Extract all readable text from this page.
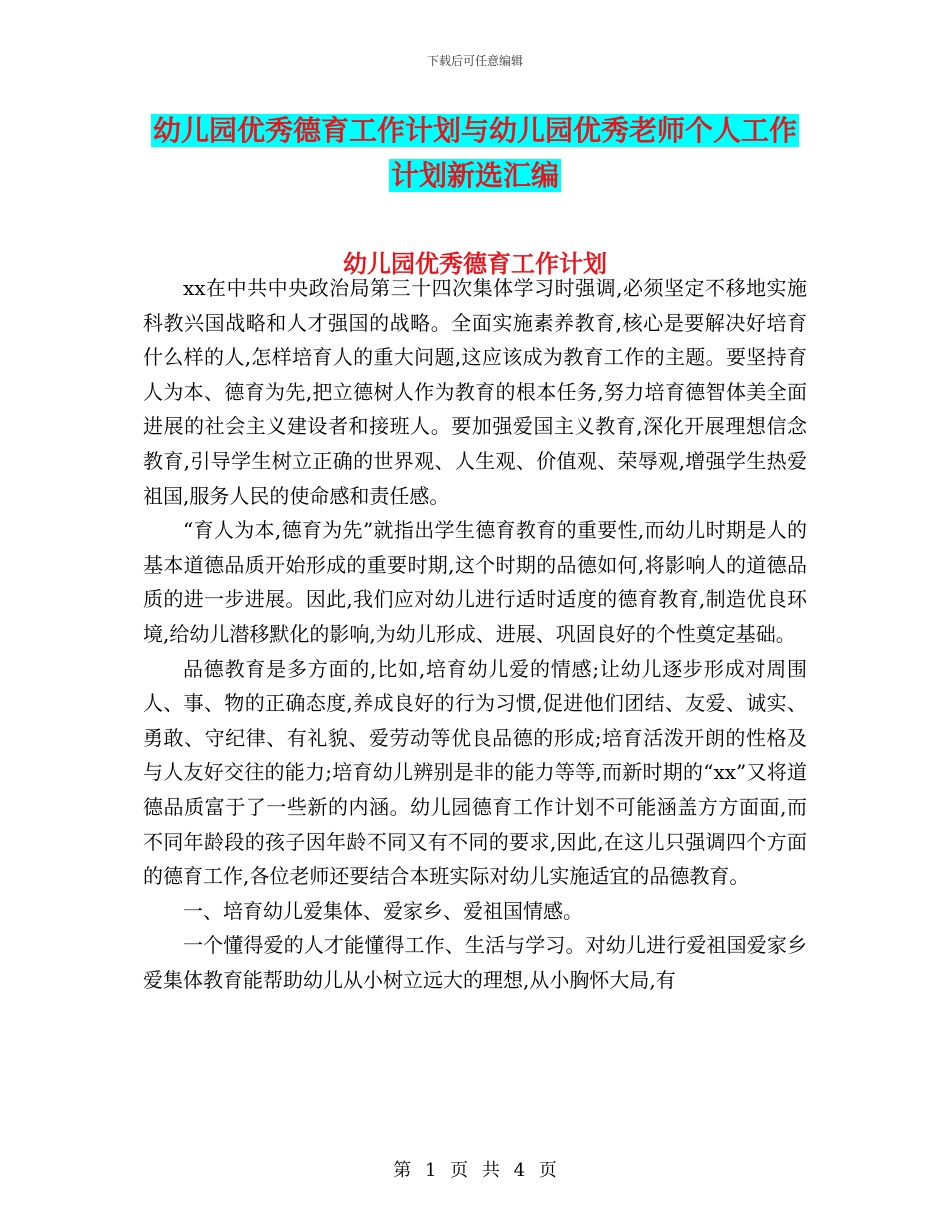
下载后可任意编辑
幼儿园优秀德育工作计划与幼儿园优秀老师个人工作
计划新选汇编
幼儿园优秀德育工作计划

xx在中共中央政治局第三十四次集体学习时强调,必须坚定不移地实施科教兴国战略和人才强国的战略。全面实施素养教育,核心是要解决好培育什么样的人,怎样培育人的重大问题,这应该成为教育工作的主题。要坚持育人为本、德育为先,把立德树人作为教育的根本任务,努力培育德智体美全面进展的社会主义建设者和接班人。要加强爱国主义教育,深化开展理想信念教育,引导学生树立正确的世界观、人生观、价值观、荣辱观,增强学生热爱祖国,服务人民的使命感和责任感。

“育人为本,德育为先”就指出学生德育教育的重要性,而幼儿时期是人的基本道德品质开始形成的重要时期,这个时期的品德如何,将影响人的道德品质的进一步进展。因此,我们应对幼儿进行适时适度的德育教育,制造优良环境,给幼儿潜移默化的影响,为幼儿形成、进展、巩固良好的个性奠定基础。

品德教育是多方面的,比如,培育幼儿爱的情感;让幼儿逐步形成对周围人、事、物的正确态度,养成良好的行为习惯,促进他们团结、友爱、诚实、勇敢、守纪律、有礼貌、爱劳动等优良品德的形成;培育活泼开朗的性格及与人友好交往的能力;培育幼儿辨别是非的能力等等,而新时期的“xx”又将道德品质富于了一些新的内涵。幼儿园德育工作计划不可能涵盖方方面面,而不同年龄段的孩子因年龄不同又有不同的要求,因此,在这儿只强调四个方面的德育工作,各位老师还要结合本班实际对幼儿实施适宜的品德教育。

一、培育幼儿爱集体、爱家乡、爱祖国情感。

一个懂得爱的人才能懂得工作、生活与学习。对幼儿进行爱祖国爱家乡爱集体教育能帮助幼儿从小树立远大的理想,从小胸怀大局,有

第 1 页 共 4 页
